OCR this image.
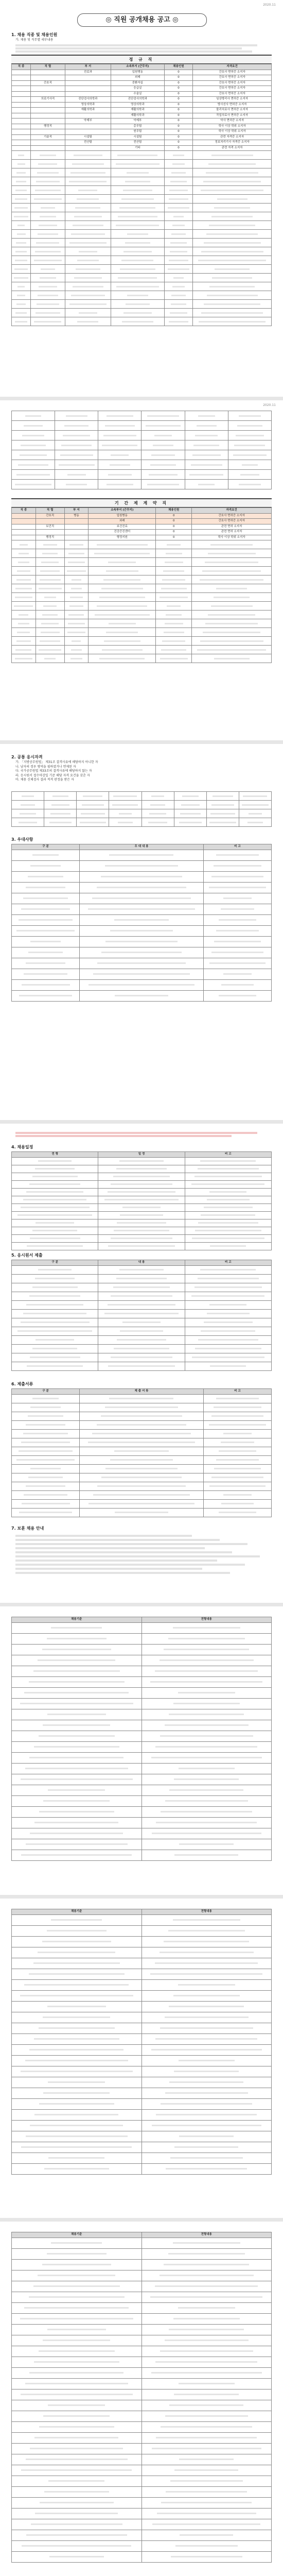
2020.11
◎ 직원 공개채용 공고 ◎
1. 채용 직종 및 채용인원
가. 채용 및 직무별 세부내용
정 규 직
직 종	직 렬	부 서	소속부서 (근무지)	채용인원	자격요건
		진료과	입원병동	0	간호사 면허증 소지자
			외래	0	간호사 면허증 소지자
	간호직		중환자실	0	간호사 면허증 소지자
			응급실	0	간호사 면허증 소지자
			수술실	0	간호사 면허증 소지자
	의료기사직	진단검사의학과	진단검사의학과	0	임상병리사 면허증 소지자
		영상의학과	영상의학과	0	방사선사 면허증 소지자
		재활의학과	재활의학과	0	물리치료사 면허증 소지자
			재활의학과	0	작업치료사 면허증 소지자
		약제부	약제부	0	약사 면허증 소지자
	행정직		총무팀	0	학사 이상 학위 소지자
			원무팀	0	학사 이상 학위 소지자
	기술직	시설팀	시설팀	0	관련 자격증 소지자
		전산팀	전산팀	0	정보처리기사 자격증 소지자
			기타	0	관련 자격 소지자

2020.11

기 간 제 계 약 직
직 종	직 렬	부 서	소속부서 (근무지)	채용인원	자격요건
	간호직	병동	입원병동	0	간호사 면허증 소지자
			외래	0	간호사 면허증 소지자
	보건직		보건진료	0	관련 면허 소지자
			건강증진센터	0	관련 면허 소지자
	행정직		행정지원	0	학사 이상 학위 소지자

2. 공통 응시자격
가. 「지방공무원법」 제31조 결격사유에 해당하지 아니한 자
나. 남자의 경우 병역을 필하였거나 면제된 자
다. 국가공무원법 제33조의 결격사유에 해당하지 않는 자
라. 응시원서 접수마감일 기준 해당 자격 요건을 갖춘 자
마. 채용 신체검사 결과 적격 판정을 받은 자

3. 우대사항
구 분	우 대 내 용	비 고

4. 채용일정
전 형	일 정	비 고

5. 응시원서 제출
구 분	내 용	비 고

6. 제출서류
구 분	제 출 서 류	비 고

7. 보훈 채용 안내
채용기준	전형내용

채용기준	전형내용

채용기준	전형내용
